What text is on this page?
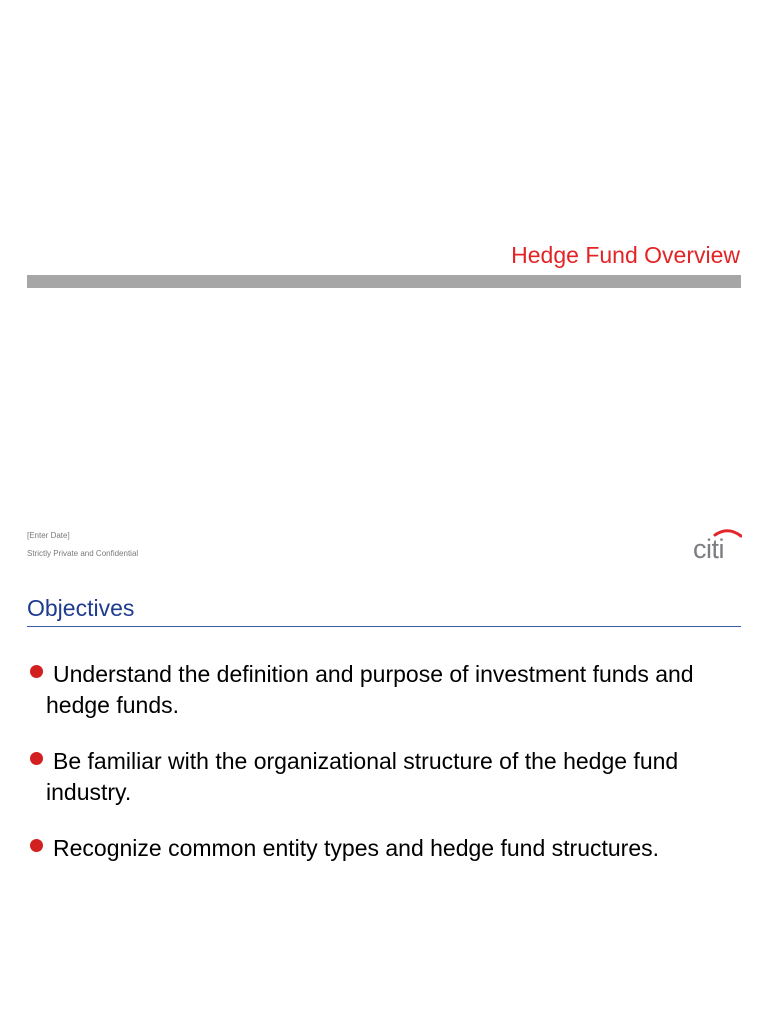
Hedge Fund Overview
[Enter Date]
Strictly Private and Confidential	citi
Objectives
Understand the definition and purpose of investment funds and hedge funds.
Be familiar with the organizational structure of the hedge fund industry.
Recognize common entity types and hedge fund structures.
